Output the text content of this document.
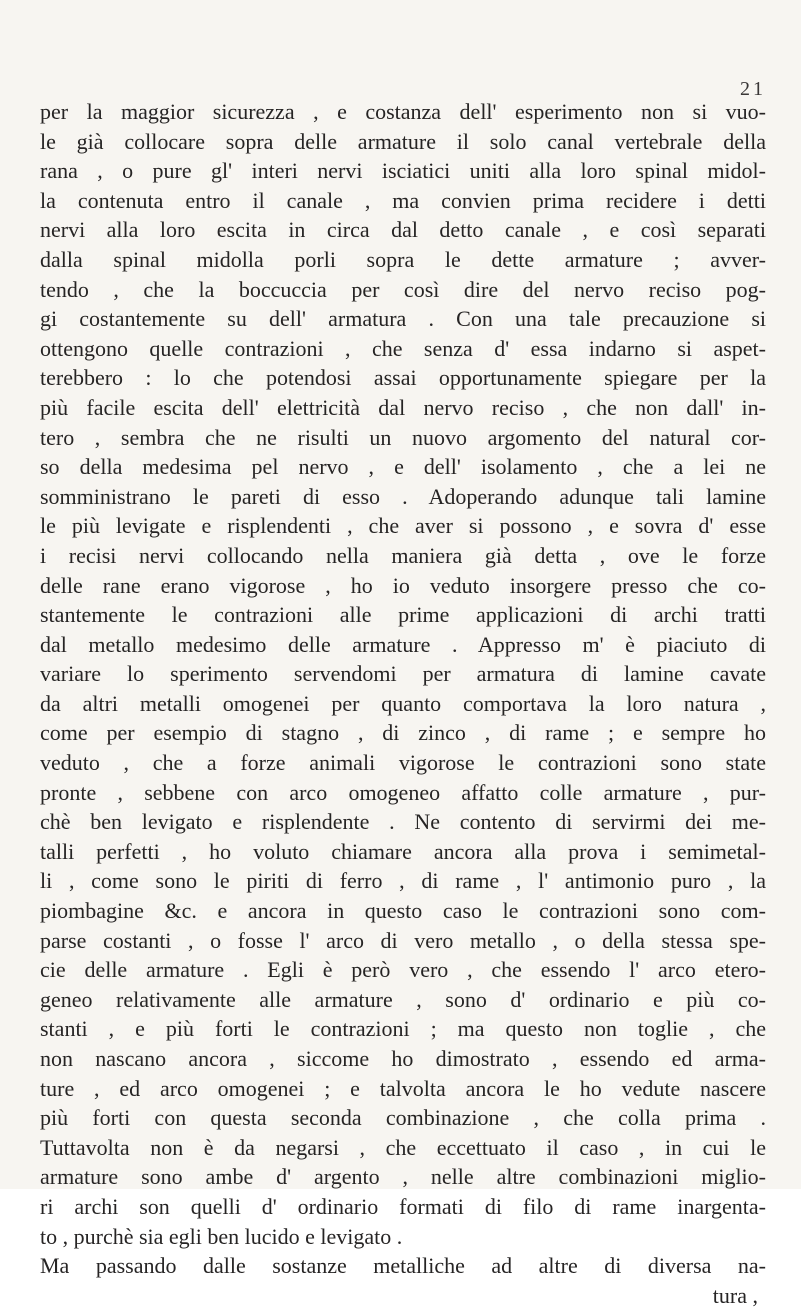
21
per la maggior sicurezza , e costanza dell' esperimento non si vuo-
le già collocare sopra delle armature il solo canal vertebrale della
rana , o pure gl' interi nervi isciatici uniti alla loro spinal midol-
la contenuta entro il canale , ma convien prima recidere i detti
nervi alla loro escita in circa dal detto canale , e così separati
dalla spinal midolla porli sopra le dette armature ; avver-
tendo , che la boccuccia per così dire del nervo reciso pog-
gi costantemente su dell' armatura . Con una tale precauzione si
ottengono quelle contrazioni , che senza d' essa indarno si aspet-
terebbero : lo che potendosi assai opportunamente spiegare per la
più facile escita dell' elettricità dal nervo reciso , che non dall' in-
tero , sembra che ne risulti un nuovo argomento del natural cor-
so della medesima pel nervo , e dell' isolamento , che a lei ne
somministrano le pareti di esso . Adoperando adunque tali lamine
le più levigate e risplendenti , che aver si possono , e sovra d' esse
i recisi nervi collocando nella maniera già detta , ove le forze
delle rane erano vigorose , ho io veduto insorgere presso che co-
stantemente le contrazioni alle prime applicazioni di archi tratti
dal metallo medesimo delle armature . Appresso m' è piaciuto di
variare lo sperimento servendomi per armatura di lamine cavate
da altri metalli omogenei per quanto comportava la loro natura ,
come per esempio di stagno , di zinco , di rame ; e sempre ho
veduto , che a forze animali vigorose le contrazioni sono state
pronte , sebbene con arco omogeneo affatto colle armature , pur-
chè ben levigato e risplendente . Ne contento di servirmi dei me-
talli perfetti , ho voluto chiamare ancora alla prova i semimetal-
li , come sono le piriti di ferro , di rame , l' antimonio puro , la
piombagine &c. e ancora in questo caso le contrazioni sono com-
parse costanti , o fosse l' arco di vero metallo , o della stessa spe-
cie delle armature . Egli è però vero , che essendo l' arco etero-
geneo relativamente alle armature , sono d' ordinario e più co-
stanti , e più forti le contrazioni ; ma questo non toglie , che
non nascano ancora , siccome ho dimostrato , essendo ed arma-
ture , ed arco omogenei ; e talvolta ancora le ho vedute nascere
più forti con questa seconda combinazione , che colla prima .
Tuttavolta non è da negarsi , che eccettuato il caso , in cui le
armature sono ambe d' argento , nelle altre combinazioni miglio-
ri archi son quelli d' ordinario formati di filo di rame inargenta-
to , purchè sia egli ben lucido e levigato .
Ma passando dalle sostanze metalliche ad altre di diversa na-
tura ,
